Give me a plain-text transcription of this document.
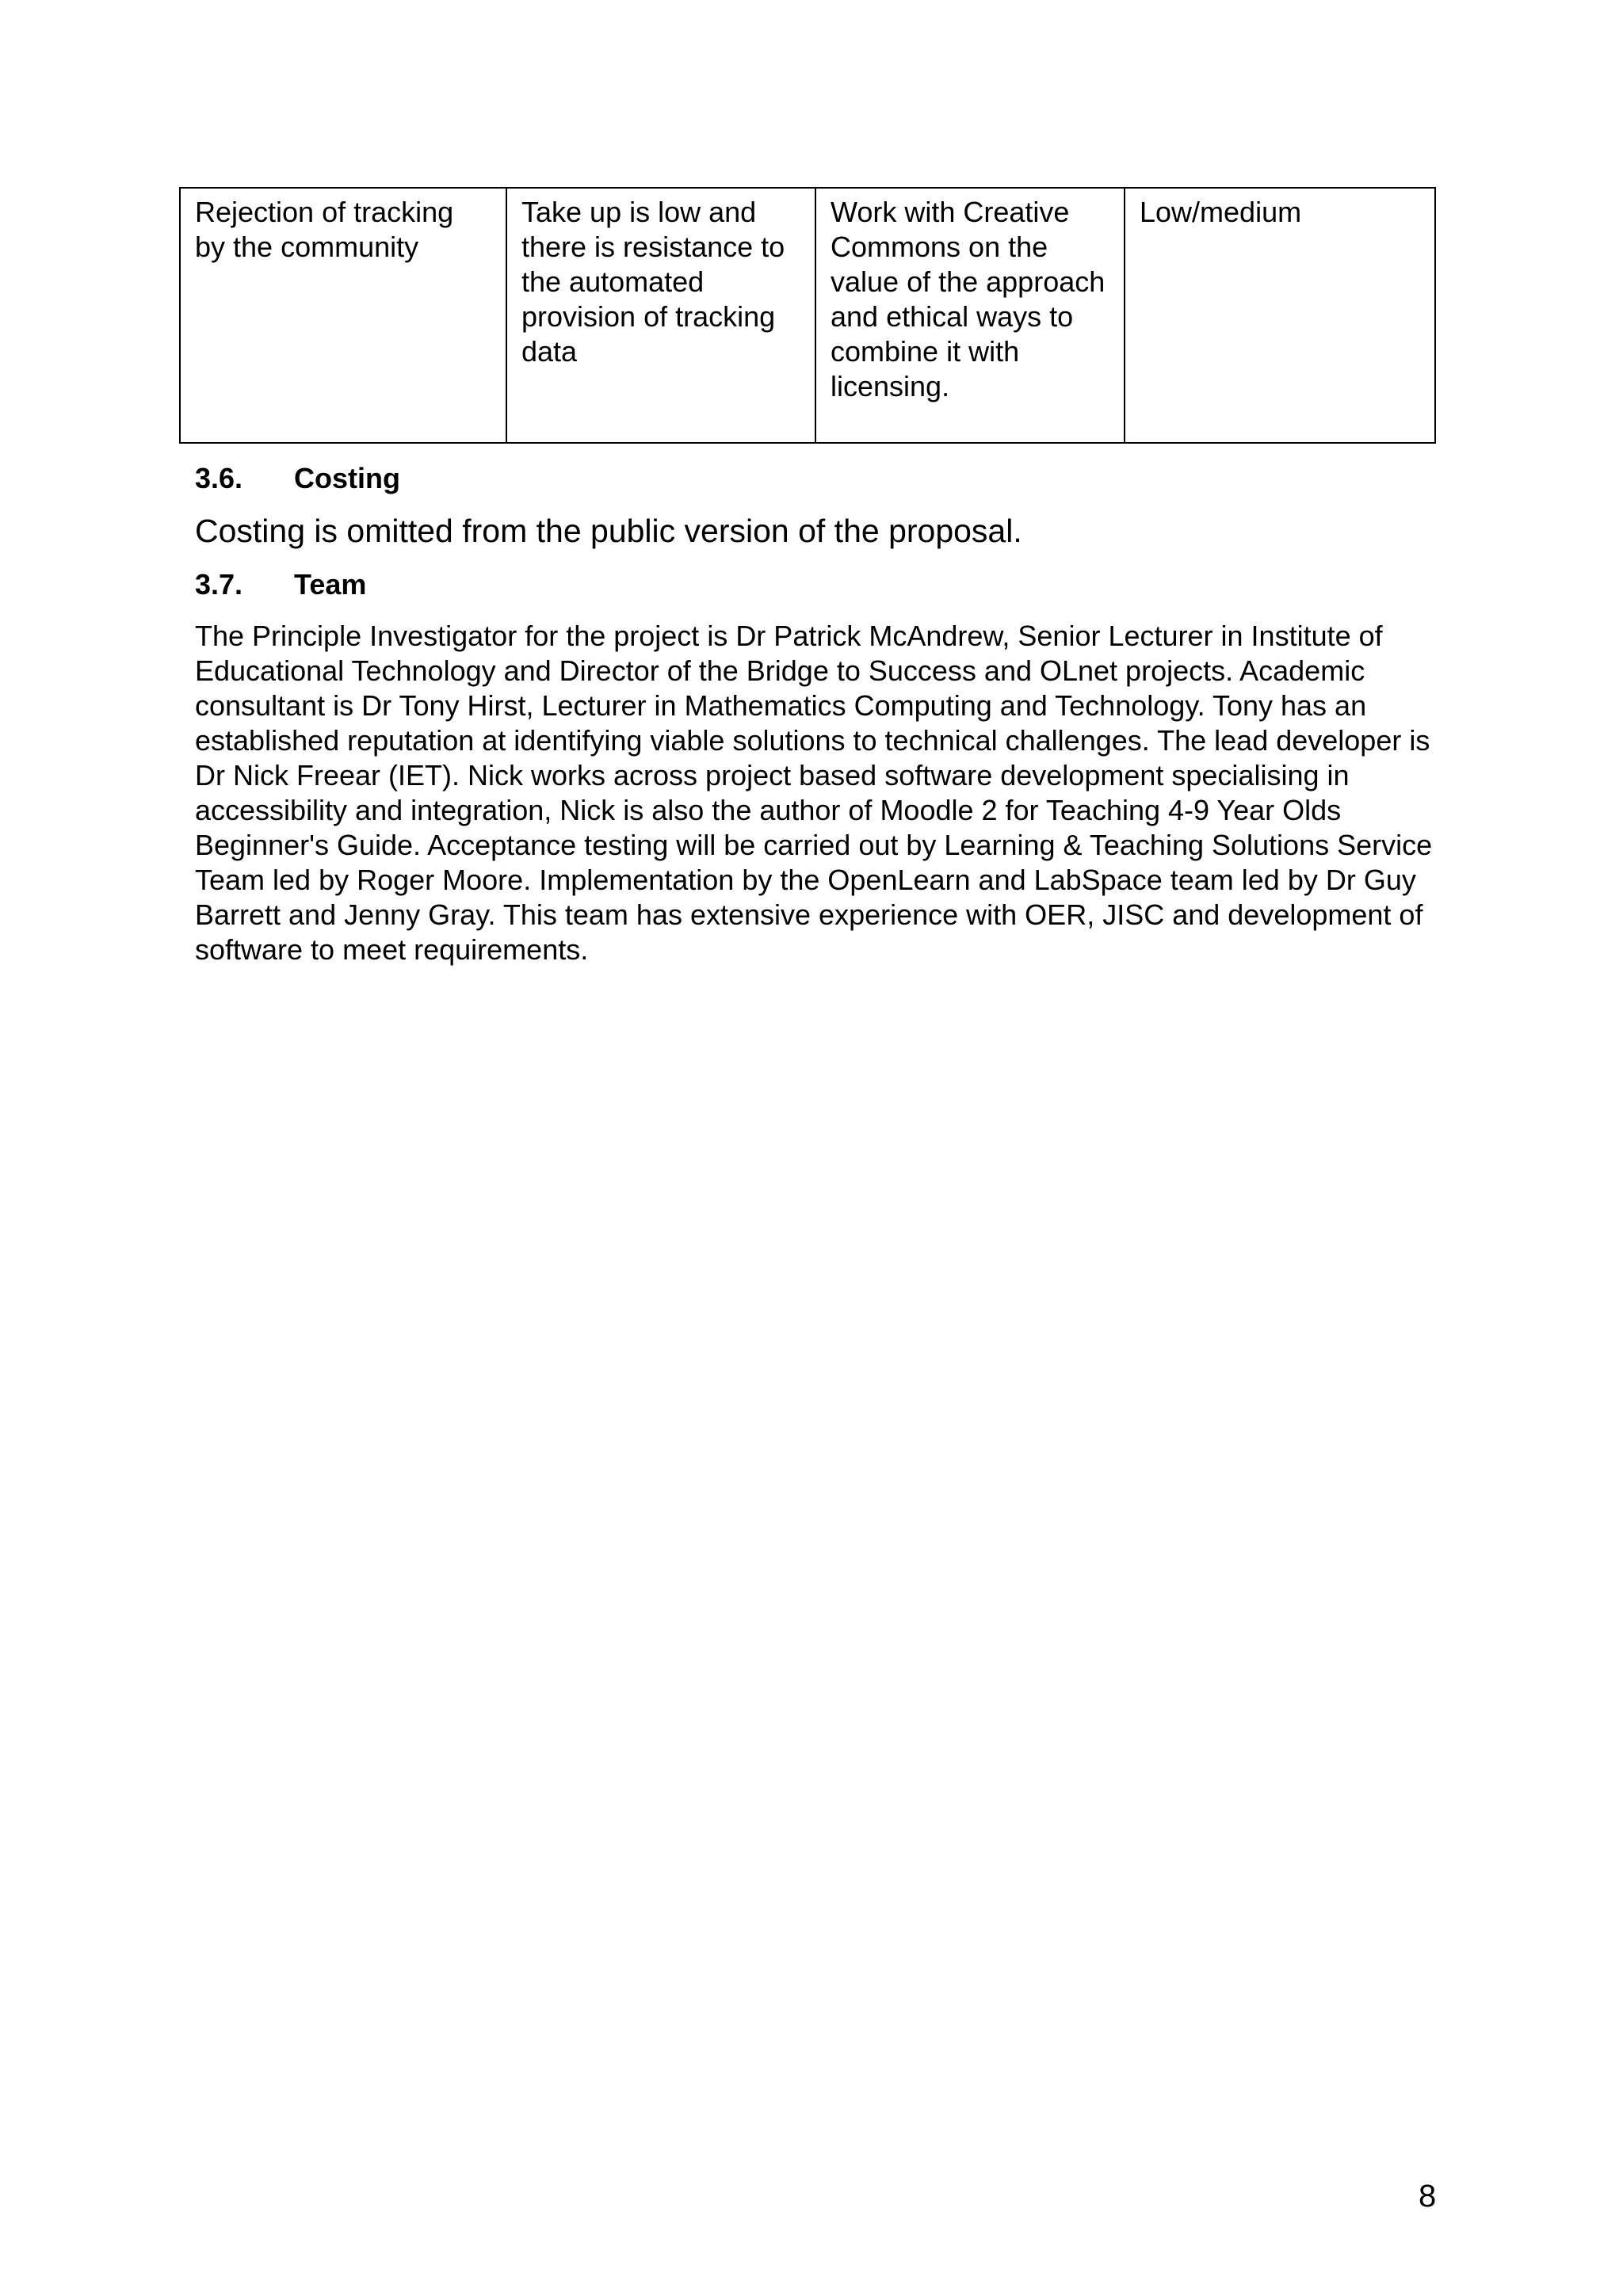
Rejection of tracking by the community	Take up is low and there is resistance to the automated provision of tracking data	Work with Creative Commons on the value of the approach and ethical ways to combine it with licensing.	Low/medium
3.6. Costing

Costing is omitted from the public version of the proposal.

3.7. Team

The Principle Investigator for the project is Dr Patrick McAndrew, Senior Lecturer in Institute of Educational Technology and Director of the Bridge to Success and OLnet projects. Academic consultant is Dr Tony Hirst, Lecturer in Mathematics Computing and Technology. Tony has an established reputation at identifying viable solutions to technical challenges. The lead developer is Dr Nick Freear (IET). Nick works across project based software development specialising in accessibility and integration, Nick is also the author of Moodle 2 for Teaching 4-9 Year Olds Beginner's Guide. Acceptance testing will be carried out by Learning & Teaching Solutions Service Team led by Roger Moore. Implementation by the OpenLearn and LabSpace team led by Dr Guy Barrett and Jenny Gray. This team has extensive experience with OER, JISC and development of software to meet requirements.

8
